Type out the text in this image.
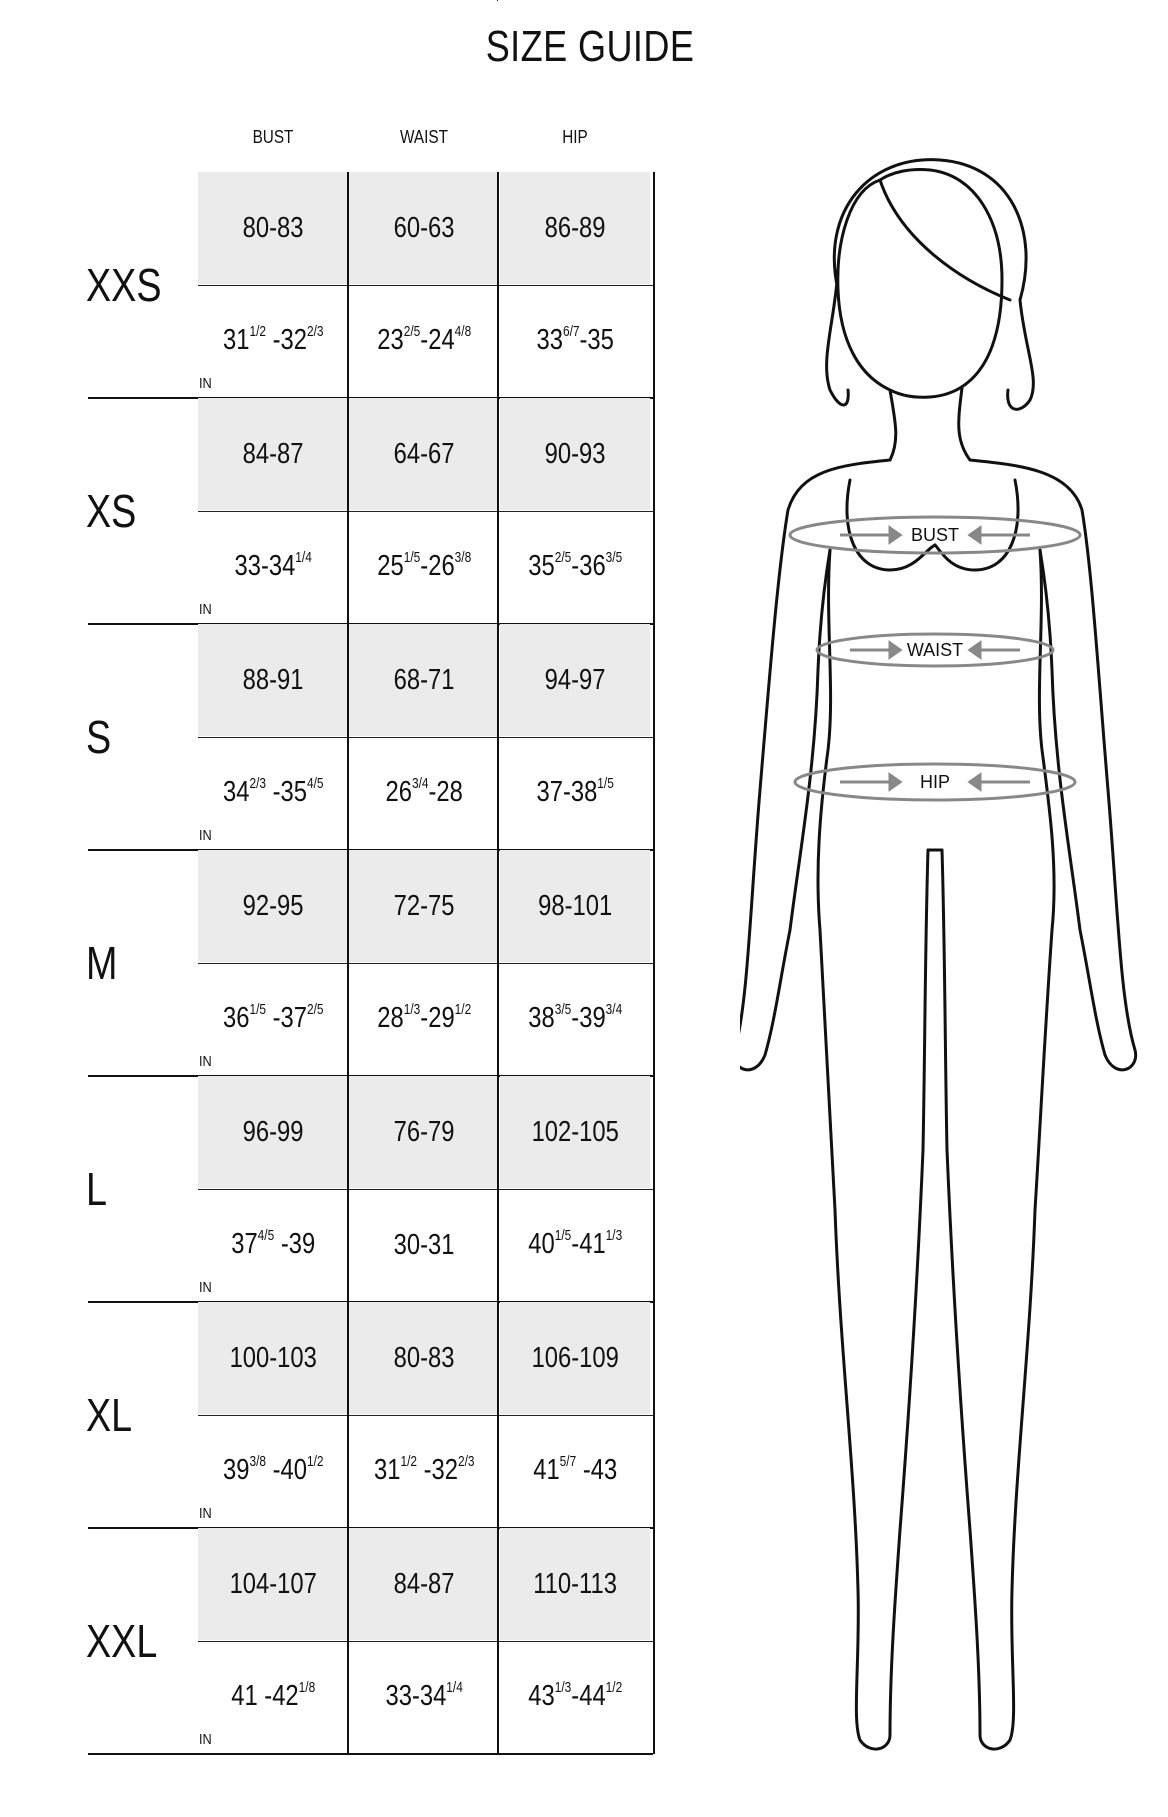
SIZE GUIDE
BUST	WAIST	HIP
XXS
IN
80-83
$31^{1/2}$ $-32^{2/3}$
60-63
$23^{2/5}-24^{4/8}$
86-89
$33^{6/7}-35$
XS
IN
84-87
$33-34^{1/4}$
64-67
$25^{1/5}-26^{3/8}$
90-93
$35^{2/5}-36^{3/5}$
S
IN
88-91
$34^{2/3}$ $-35^{4/5}$
68-71
$26^{3/4}-28$
94-97
$37-38^{1/5}$
M
IN
92-95
$36^{1/5}$ $-37^{2/5}$
72-75
$28^{1/3}-29^{1/2}$
98-101
$38^{3/5}-39^{3/4}$
L
IN
96-99
$37^{4/5}$ -39
76-79
30-31
102-105
$40^{1/5}-41^{1/3}$
XL
IN
100-103
$39^{3/8}$ $-40^{1/2}$
80-83
$31^{1/2}$ $-32^{2/3}$
106-109
$41^{5/7}$ -43
XXL
IN
104-107
41 $-42^{1/8}$
84-87
$33-34^{1/4}$
110-113
$43^{1/3}-44^{1/2}$
BUST
WAIST
HIP
